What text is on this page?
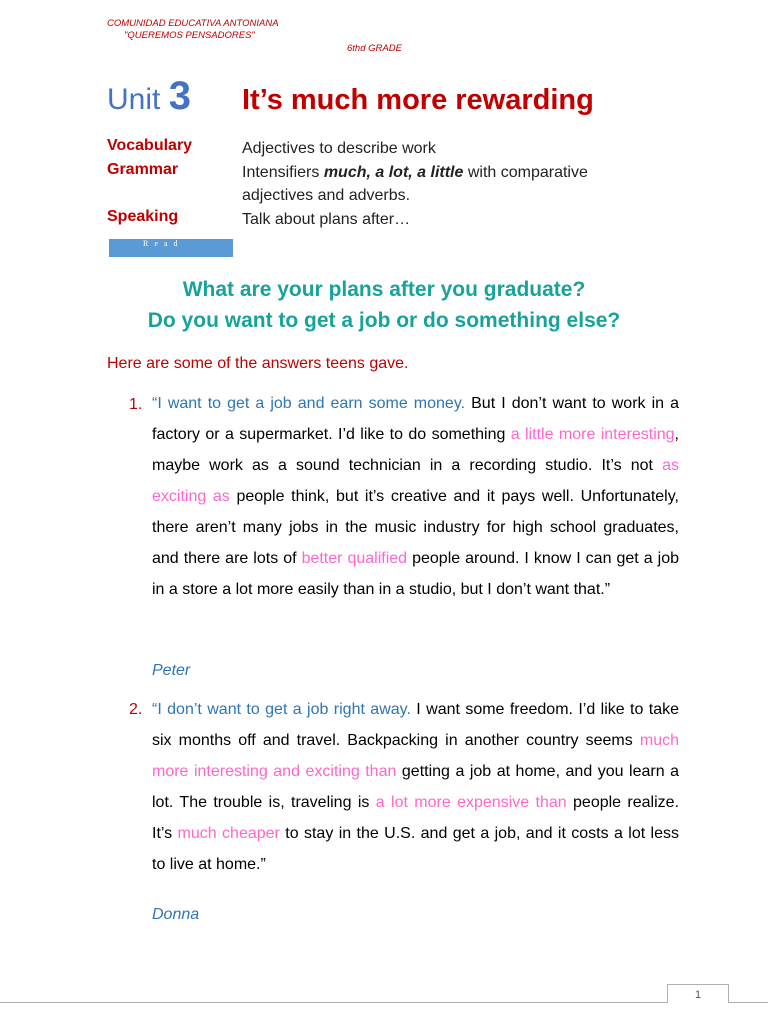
COMUNIDAD EDUCATIVA ANTONIANA
"QUEREMOS PENSADORES"
6thd GRADE
Unit 3 It’s much more rewarding
Vocabulary	Adjectives to describe work
Grammar	Intensifiers much, a lot, a little with comparative adjectives and adverbs.
Speaking	Talk about plans after…
Read
What are your plans after you graduate?
Do you want to get a job or do something else?
Here are some of the answers teens gave.
1. “I want to get a job and earn some money. But I don’t want to work in a factory or a supermarket. I’d like to do something a little more interesting, maybe work as a sound technician in a recording studio. It’s not as exciting as people think, but it’s creative and it pays well. Unfortunately, there aren’t many jobs in the music industry for high school graduates, and there are lots of better qualified people around. I know I can get a job in a store a lot more easily than in a studio, but I don’t want that.”
Peter
2. “I don’t want to get a job right away. I want some freedom. I’d like to take six months off and travel. Backpacking in another country seems much more interesting and exciting than getting a job at home, and you learn a lot. The trouble is, traveling is a lot more expensive than people realize. It’s much cheaper to stay in the U.S. and get a job, and it costs a lot less to live at home.”
Donna
1
